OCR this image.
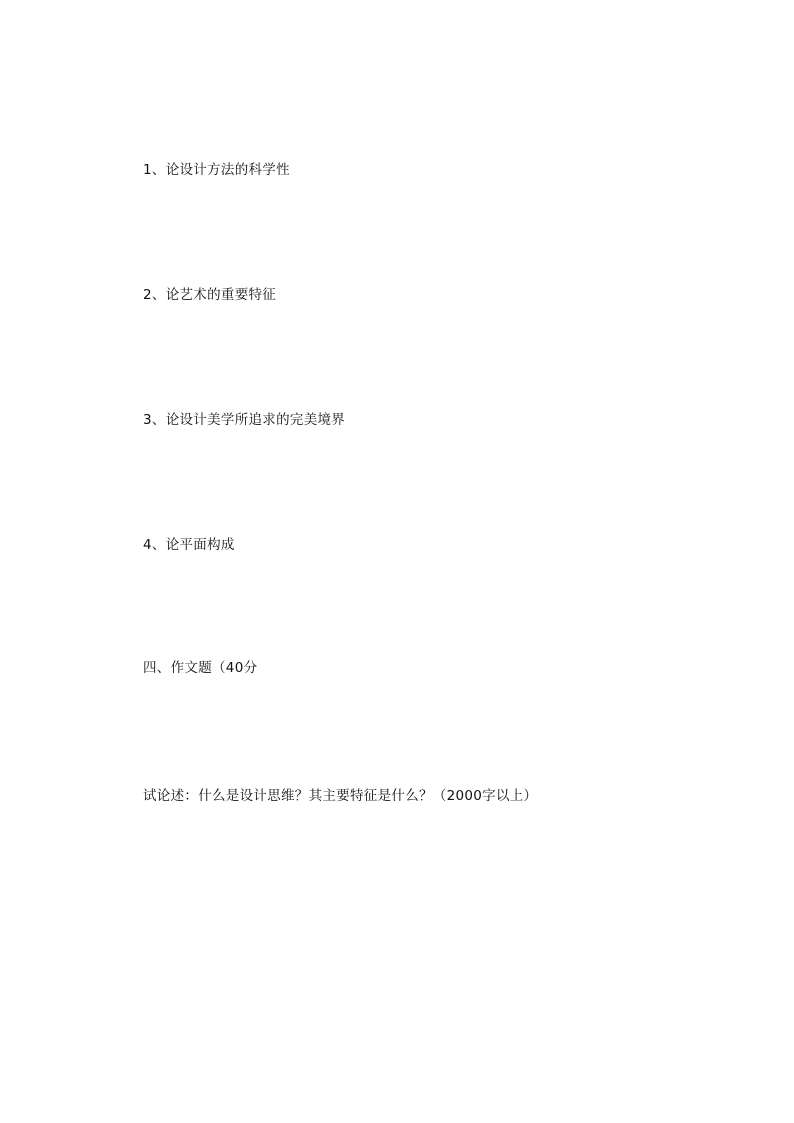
1、论设计方法的科学性
2、论艺术的重要特征
3、论设计美学所追求的完美境界
4、论平面构成
四、作文题（40分
试论述：什么是设计思维？其主要特征是什么？（2000字以上）
